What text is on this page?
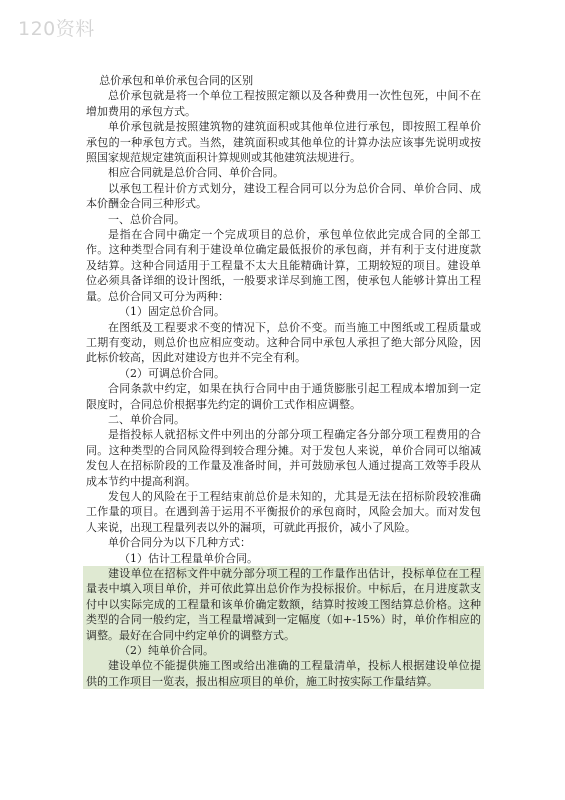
120资料

总价承包和单价承包合同的区别

总价承包就是将一个单位工程按照定额以及各种费用一次性包死，中间不在增加费用的承包方式。

单价承包就是按照建筑物的建筑面积或其他单位进行承包，即按照工程单价承包的一种承包方式。当然，建筑面积或其他单位的计算办法应该事先说明或按照国家规范规定建筑面积计算规则或其他建筑法规进行。

相应合同就是总价合同、单价合同。

以承包工程计价方式划分，建设工程合同可以分为总价合同、单价合同、成本价酬金合同三种形式。

一、总价合同。

是指在合同中确定一个完成项目的总价，承包单位依此完成合同的全部工作。这种类型合同有利于建设单位确定最低报价的承包商，并有利于支付进度款及结算。这种合同适用于工程量不太大且能精确计算，工期较短的项目。建设单位必须具备详细的设计图纸，一般要求详尽到施工图，使承包人能够计算出工程量。总价合同又可分为两种：

（1）固定总价合同。

在图纸及工程要求不变的情况下，总价不变。而当施工中图纸或工程质量或工期有变动，则总价也应相应变动。这种合同中承包人承担了绝大部分风险，因此标价较高，因此对建设方也并不完全有利。

（2）可调总价合同。

合同条款中约定，如果在执行合同中由于通货膨胀引起工程成本增加到一定限度时，合同总价根据事先约定的调价工式作相应调整。

二、单价合同。

是指投标人就招标文件中列出的分部分项工程确定各分部分项工程费用的合同。这种类型的合同风险得到较合理分摊。对于发包人来说，单价合同可以缩减发包人在招标阶段的工作量及准备时间，并可鼓励承包人通过提高工效等手段从成本节约中提高利润。

发包人的风险在于工程结束前总价是未知的，尤其是无法在招标阶段较准确工作量的项目。在遇到善于运用不平衡报价的承包商时，风险会加大。而对发包人来说，出现工程量列表以外的漏项，可就此再报价，减小了风险。

单价合同分为以下几种方式：

（1）估计工程量单价合同。

建设单位在招标文件中就分部分项工程的工作量作出估计，投标单位在工程量表中填入项目单价，并可依此算出总价作为投标报价。中标后，在月进度款支付中以实际完成的工程量和该单价确定数额，结算时按竣工图结算总价格。这种类型的合同一般约定，当工程量增减到一定幅度（如+-15%）时，单价作相应的调整。最好在合同中约定单价的调整方式。

（2）纯单价合同。

建设单位不能提供施工图或给出准确的工程量清单，投标人根据建设单位提供的工作项目一览表，报出相应项目的单价，施工时按实际工作量结算。
